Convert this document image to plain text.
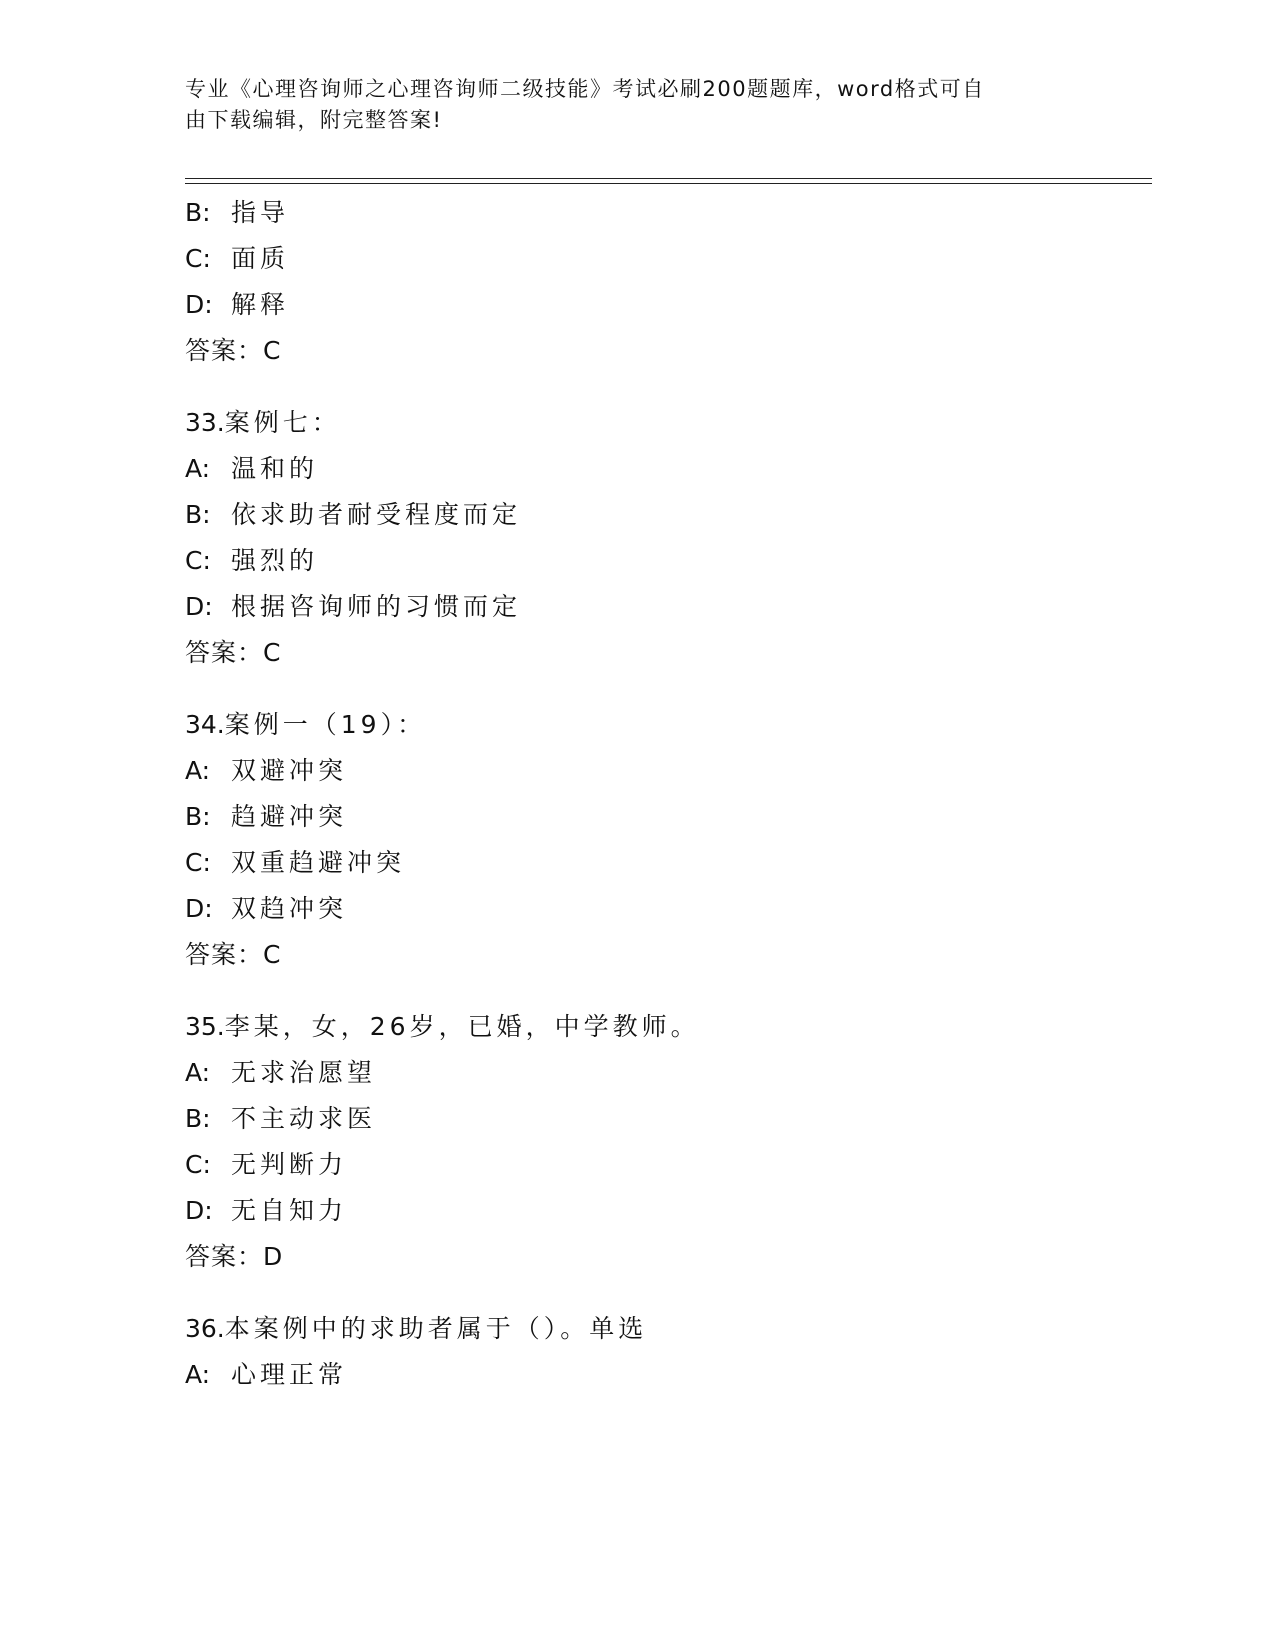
专业《心理咨询师之心理咨询师二级技能》考试必刷200题题库，word格式可自
由下载编辑，附完整答案!
B: 指导
C: 面质
D: 解释
答案：C
33.案例七：
A: 温和的
B: 依求助者耐受程度而定
C: 强烈的
D: 根据咨询师的习惯而定
答案：C
34.案例一（19）：
A: 双避冲突
B: 趋避冲突
C: 双重趋避冲突
D: 双趋冲突
答案：C
35.李某，女，26岁，已婚，中学教师。
A: 无求治愿望
B: 不主动求医
C: 无判断力
D: 无自知力
答案：D
36.本案例中的求助者属于（）。单选
A: 心理正常
